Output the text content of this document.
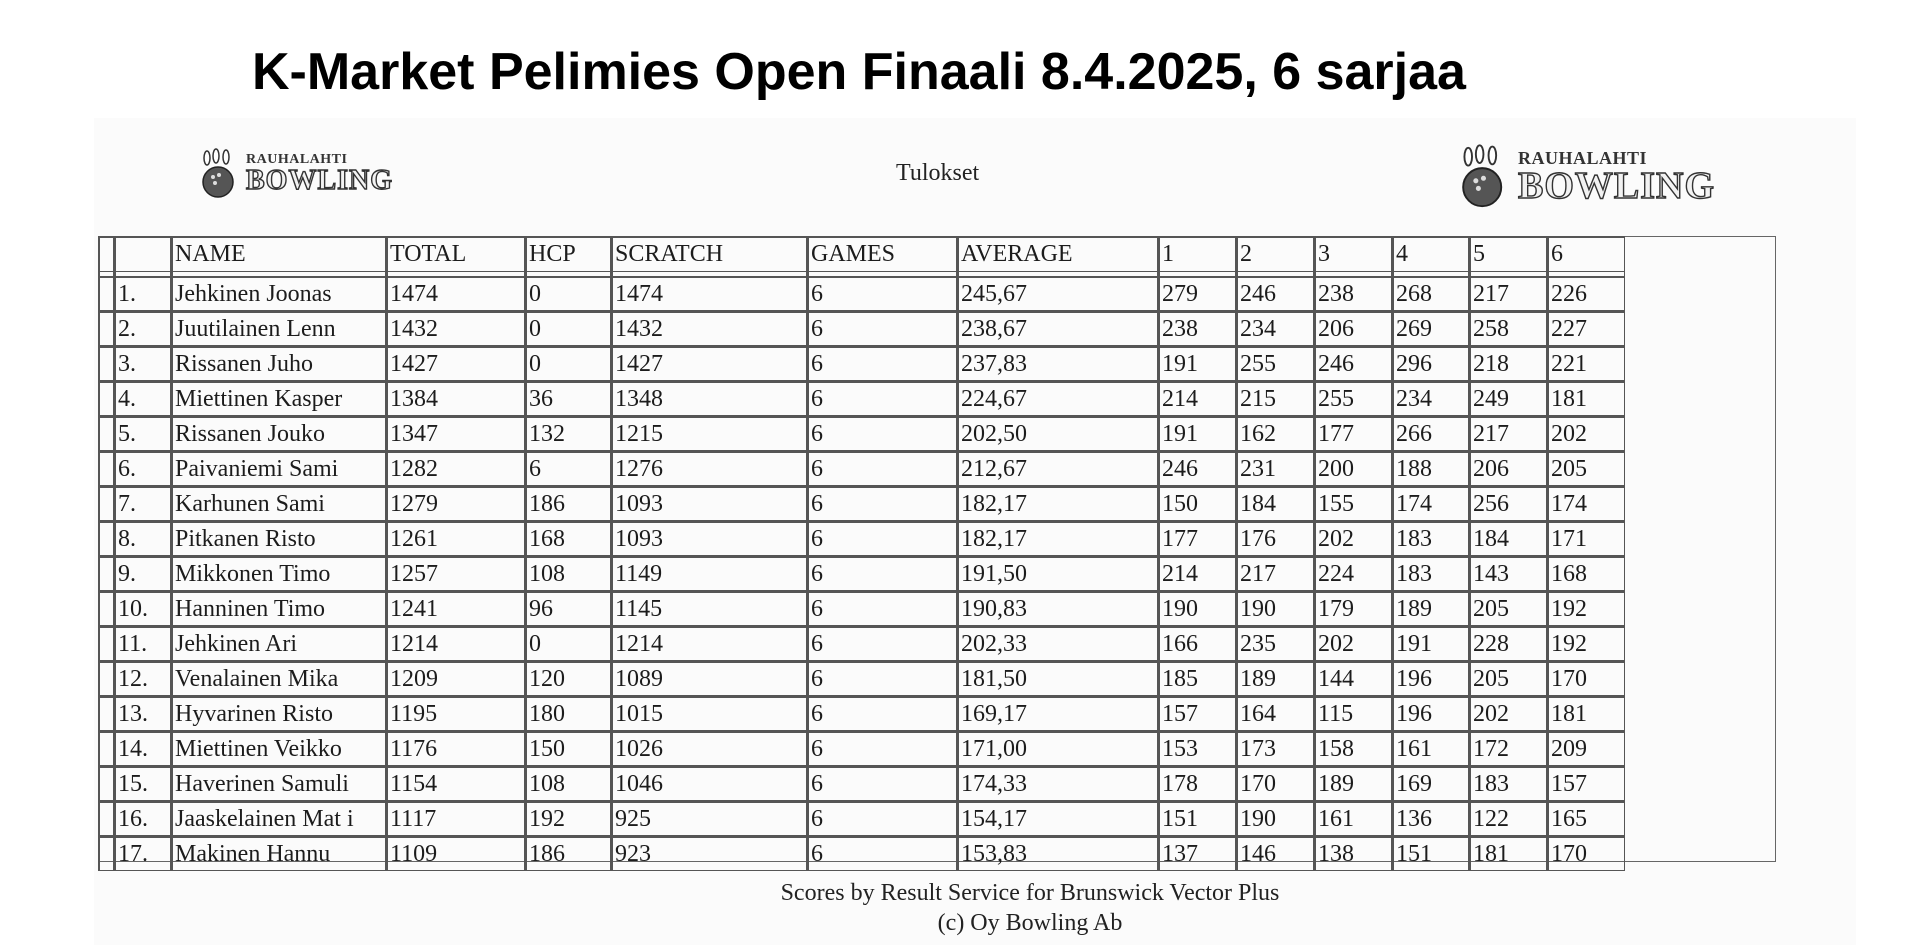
K-Market Pelimies Open Finaali 8.4.2025, 6 sarjaa
RAUHALAHTI
BOWLING	Tulokset
RAUHALAHTI
BOWLING
		NAME	TOTAL	HCP	SCRATCH	GAMES	AVERAGE	1	2	3	4	5	6

	1.	Jehkinen Joonas	1474	0	1474	6	245,67	279	246	238	268	217	226
	2.	Juutilainen Lenn	1432	0	1432	6	238,67	238	234	206	269	258	227
	3.	Rissanen Juho	1427	0	1427	6	237,83	191	255	246	296	218	221
	4.	Miettinen Kasper	1384	36	1348	6	224,67	214	215	255	234	249	181
	5.	Rissanen Jouko	1347	132	1215	6	202,50	191	162	177	266	217	202
	6.	Paivaniemi Sami	1282	6	1276	6	212,67	246	231	200	188	206	205
	7.	Karhunen Sami	1279	186	1093	6	182,17	150	184	155	174	256	174
	8.	Pitkanen Risto	1261	168	1093	6	182,17	177	176	202	183	184	171
	9.	Mikkonen Timo	1257	108	1149	6	191,50	214	217	224	183	143	168
	10.	Hanninen Timo	1241	96	1145	6	190,83	190	190	179	189	205	192
	11.	Jehkinen Ari	1214	0	1214	6	202,33	166	235	202	191	228	192
	12.	Venalainen Mika	1209	120	1089	6	181,50	185	189	144	196	205	170
	13.	Hyvarinen Risto	1195	180	1015	6	169,17	157	164	115	196	202	181
	14.	Miettinen Veikko	1176	150	1026	6	171,00	153	173	158	161	172	209
	15.	Haverinen Samuli	1154	108	1046	6	174,33	178	170	189	169	183	157
	16.	Jaaskelainen Mat i	1117	192	925	6	154,17	151	190	161	136	122	165
	17.	Makinen Hannu	1109	186	923	6	153,83	137	146	138	151	181	170
Scores by Result Service for Brunswick Vector Plus
(c) Oy Bowling Ab
